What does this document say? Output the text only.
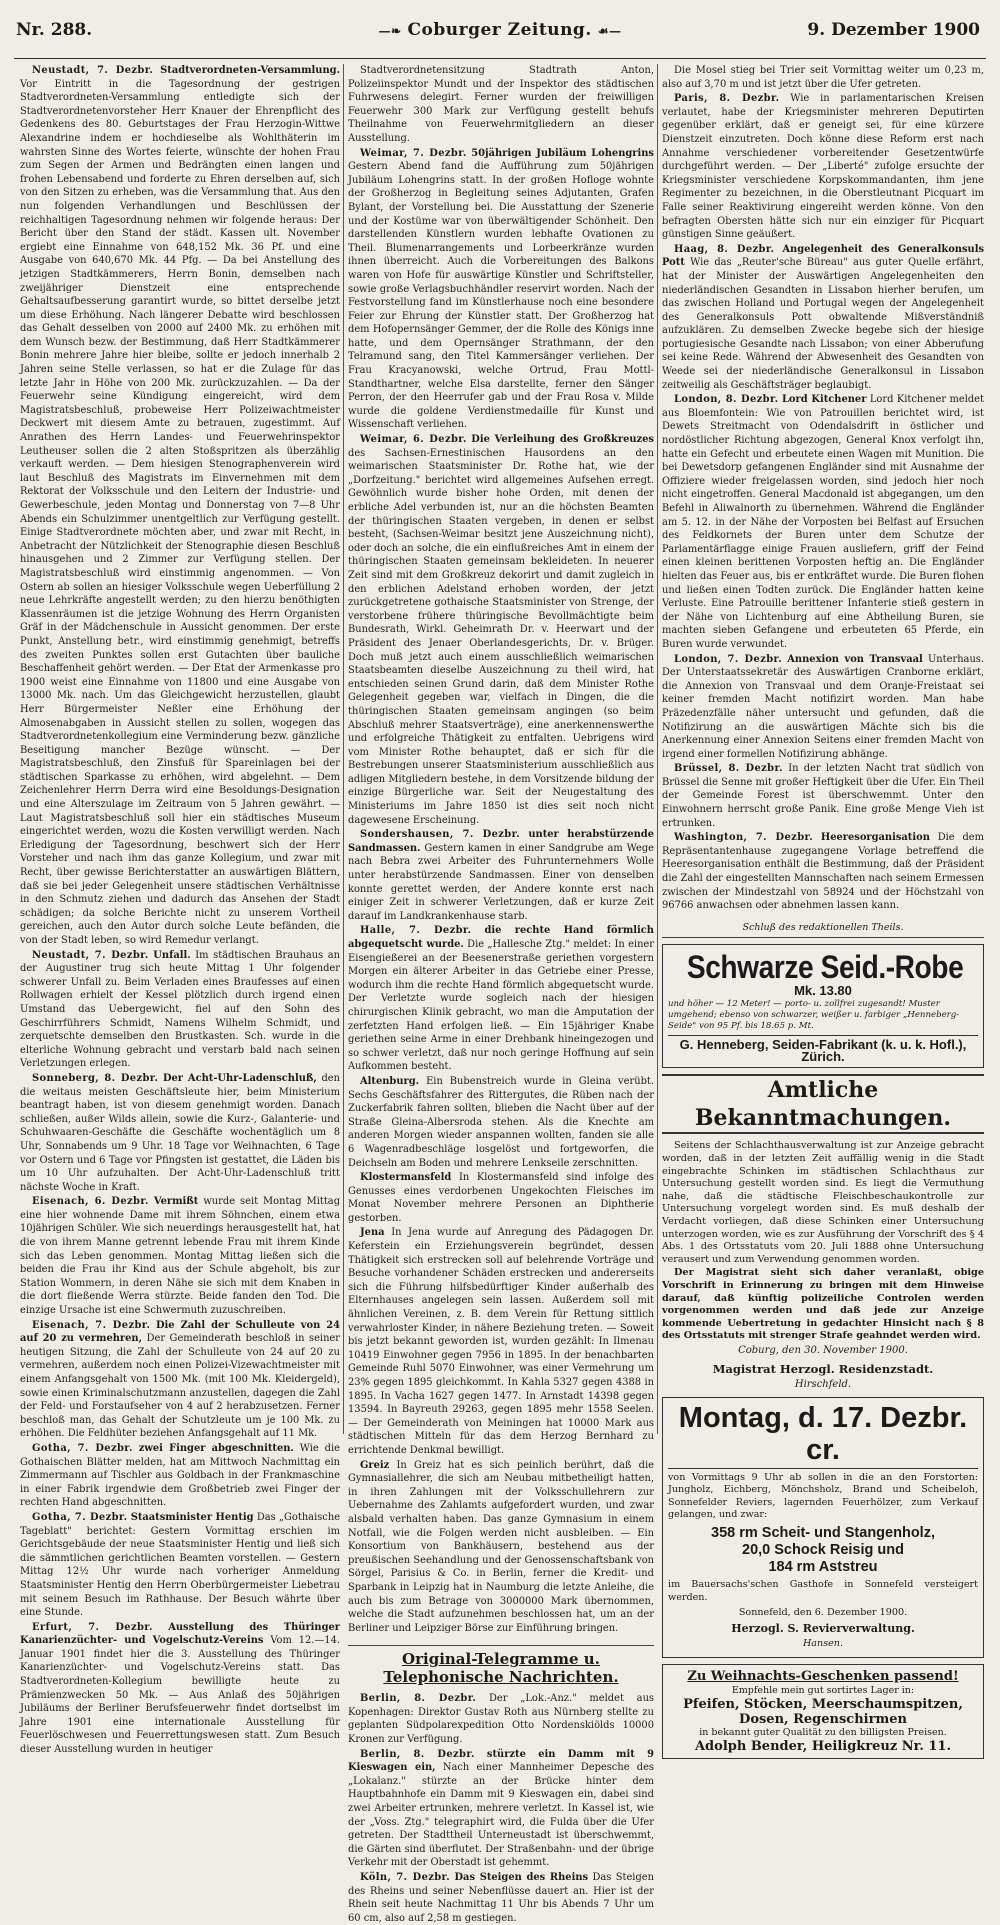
Nr. 288.	—❧ Coburger Zeitung. ☙—	9. Dezember 1900

Neustadt, 7. Dezbr. Stadtverordneten-Versammlung. Vor Eintritt in die Tagesordnung der gestrigen Stadtverordneten-Versammlung entledigte sich der Stadtverordnetenvorsteher Herr Knauer der Ehrenpflicht des Gedenkens des 80. Geburtstages der Frau Herzogin-Wittwe Alexandrine indem er hochdieselbe als Wohlthäterin im wahrsten Sinne des Wortes feierte, wünschte der hohen Frau zum Segen der Armen und Bedrängten einen langen und frohen Lebensabend und forderte zu Ehren derselben auf, sich von den Sitzen zu erheben, was die Versammlung that. Aus den nun folgenden Verhandlungen und Beschlüssen der reichhaltigen Tagesordnung nehmen wir folgende heraus: Der Bericht über den Stand der städt. Kassen ult. November ergiebt eine Einnahme von 648,152 Mk. 36 Pf. und eine Ausgabe von 640,670 Mk. 44 Pfg. — Da bei Anstellung des jetzigen Stadtkämmerers, Herrn Bonin, demselben nach zweijähriger Dienstzeit eine entsprechende Gehaltsaufbesserung garantirt wurde, so bittet derselbe jetzt um diese Erhöhung. Nach längerer Debatte wird beschlossen das Gehalt desselben von 2000 auf 2400 Mk. zu erhöhen mit dem Wunsch bezw. der Bestimmung, daß Herr Stadtkämmerer Bonin mehrere Jahre hier bleibe, sollte er jedoch innerhalb 2 Jahren seine Stelle verlassen, so hat er die Zulage für das letzte Jahr in Höhe von 200 Mk. zurückzuzahlen. — Da der Feuerwehr seine Kündigung eingereicht, wird dem Magistratsbeschluß, probeweise Herr Polizeiwachtmeister Deckwert mit diesem Amte zu betrauen, zugestimmt. Auf Anrathen des Herrn Landes- und Feuerwehrinspektor Leutheuser sollen die 2 alten Stoßspritzen als überzählig verkauft werden. — Dem hiesigen Stenographenverein wird laut Beschluß des Magistrats im Einvernehmen mit dem Rektorat der Volksschule und den Leitern der Industrie- und Gewerbeschule, jeden Montag und Donnerstag von 7—8 Uhr Abends ein Schulzimmer unentgeltlich zur Verfügung gestellt. Einige Stadtverordnete möchten aber, und zwar mit Recht, in Anbetracht der Nützlichkeit der Stenographie diesen Beschluß hinausgehen und 2 Zimmer zur Verfügung stellen. Der Magistratsbeschluß wird einstimmig angenommen. — Von Ostern ab sollen an hiesiger Volksschule wegen Ueberfüllung 2 neue Lehrkräfte angestellt werden; zu den hierzu benöthigten Klassenräumen ist die jetzige Wohnung des Herrn Organisten Gräf in der Mädchenschule in Aussicht genommen. Der erste Punkt, Anstellung betr., wird einstimmig genehmigt, betreffs des zweiten Punktes sollen erst Gutachten über bauliche Beschaffenheit gehört werden. — Der Etat der Armenkasse pro 1900 weist eine Einnahme von 11800 und eine Ausgabe von 13000 Mk. nach. Um das Gleichgewicht herzustellen, glaubt Herr Bürgermeister Neßler eine Erhöhung der Almosenabgaben in Aussicht stellen zu sollen, wogegen das Stadtverordnetenkollegium eine Verminderung bezw. gänzliche Beseitigung mancher Bezüge wünscht. — Der Magistratsbeschluß, den Zinsfuß für Spareinlagen bei der städtischen Sparkasse zu erhöhen, wird abgelehnt. — Dem Zeichenlehrer Herrn Derra wird eine Besoldungs-Designation und eine Alterszulage im Zeitraum von 5 Jahren gewährt. — Laut Magistratsbeschluß soll hier ein städtisches Museum eingerichtet werden, wozu die Kosten verwilligt werden. Nach Erledigung der Tagesordnung, beschwert sich der Herr Vorsteher und nach ihm das ganze Kollegium, und zwar mit Recht, über gewisse Berichterstatter an auswärtigen Blättern, daß sie bei jeder Gelegenheit unsere städtischen Verhältnisse in den Schmutz ziehen und dadurch das Ansehen der Stadt schädigen; da solche Berichte nicht zu unserem Vortheil gereichen, auch den Autor durch solche Leute befänden, die von der Stadt leben, so wird Remedur verlangt.

Neustadt, 7. Dezbr. Unfall. Im städtischen Brauhaus an der Augustiner trug sich heute Mittag 1 Uhr folgender schwerer Unfall zu. Beim Verladen eines Braufesses auf einen Rollwagen erhielt der Kessel plötzlich durch irgend einen Umstand das Uebergewicht, fiel auf den Sohn des Geschirrführers Schmidt, Namens Wilhelm Schmidt, und zerquetschte demselben den Brustkasten. Sch. wurde in die elterliche Wohnung gebracht und verstarb bald nach seinen Verletzungen erlegen.

Sonneberg, 8. Dezbr. Der Acht-Uhr-Ladenschluß, den die weitaus meisten Geschäftsleute hier, beim Ministerium beantragt haben, ist von diesem genehmigt worden. Danach schließen, außer Wilds allein, sowie die Kurz-, Galanterie- und Schuhwaaren-Geschäfte die Geschäfte wochentäglich um 8 Uhr, Sonnabends um 9 Uhr. 18 Tage vor Weihnachten, 6 Tage vor Ostern und 6 Tage vor Pfingsten ist gestattet, die Läden bis um 10 Uhr aufzuhalten. Der Acht-Uhr-Ladenschluß tritt nächste Woche in Kraft.

Eisenach, 6. Dezbr. Vermißt wurde seit Montag Mittag eine hier wohnende Dame mit ihrem Söhnchen, einem etwa 10jährigen Schüler. Wie sich neuerdings herausgestellt hat, hat die von ihrem Manne getrennt lebende Frau mit ihrem Kinde sich das Leben genommen. Montag Mittag ließen sich die beiden die Frau ihr Kind aus der Schule abgeholt, bis zur Station Wommern, in deren Nähe sie sich mit dem Knaben in die dort fließende Werra stürzte. Beide fanden den Tod. Die einzige Ursache ist eine Schwermuth zuzuschreiben.

Eisenach, 7. Dezbr. Die Zahl der Schulleute von 24 auf 20 zu vermehren, Der Gemeinderath beschloß in seiner heutigen Sitzung, die Zahl der Schulleute von 24 auf 20 zu vermehren, außerdem noch einen Polizei-Vizewachtmeister mit einem Anfangsgehalt von 1500 Mk. (mit 100 Mk. Kleidergeld), sowie einen Kriminalschutzmann anzustellen, dagegen die Zahl der Feld- und Forstaufseher von 4 auf 2 herabzusetzen. Ferner beschloß man, das Gehalt der Schutzleute um je 100 Mk. zu erhöhen. Die Feldhüter beziehen Anfangsgehalt auf 11 Mk.

Gotha, 7. Dezbr. zwei Finger abgeschnitten. Wie die Gothaischen Blätter melden, hat am Mittwoch Nachmittag ein Zimmermann auf Tischler aus Goldbach in der Frankmaschine in einer Fabrik irgendwie dem Großbetrieb zwei Finger der rechten Hand abgeschnitten.

Gotha, 7. Dezbr. Staatsminister Hentig Das „Gothaische Tageblatt" berichtet: Gestern Vormittag erschien im Gerichtsgebäude der neue Staatsminister Hentig und ließ sich die sämmtlichen gerichtlichen Beamten vorstellen. — Gestern Mittag 12½ Uhr wurde nach vorheriger Anmeldung Staatsminister Hentig den Herrn Oberbürgermeister Liebetrau mit seinem Besuch im Rathhause. Der Besuch währte über eine Stunde.

Erfurt, 7. Dezbr. Ausstellung des Thüringer Kanarienzüchter- und Vogelschutz-Vereins Vom 12.—14. Januar 1901 findet hier die 3. Ausstellung des Thüringer Kanarienzüchter- und Vogelschutz-Vereins statt. Das Stadtverordneten-Kollegium bewilligte heute zu Prämienzwecken 50 Mk. — Aus Anlaß des 50jährigen Jubiläums der Berliner Berufsfeuerwehr findet dortselbst im Jahre 1901 eine internationale Ausstellung für Feuerlöschwesen und Feuerrettungswesen statt. Zum Besuch dieser Ausstellung wurden in heutiger

Stadtverordnetensitzung Stadtrath Anton, Polizeiinspektor Mundt und der Inspektor des städtischen Fuhrwesens delegirt. Ferner wurden der freiwilligen Feuerwehr 300 Mark zur Verfügung gestellt behufs Theilnahme von Feuerwehrmitgliedern an dieser Ausstellung.

Weimar, 7. Dezbr. 50jährigen Jubiläum Lohengrins Gestern Abend fand die Aufführung zum 50jährigen Jubiläum Lohengrins statt. In der großen Hofloge wohnte der Großherzog in Begleitung seines Adjutanten, Grafen Bylant, der Vorstellung bei. Die Ausstattung der Szenerie und der Kostüme war von überwältigender Schönheit. Den darstellenden Künstlern wurden lebhafte Ovationen zu Theil. Blumenarrangements und Lorbeerkränze wurden ihnen überreicht. Auch die Vorbereitungen des Balkons waren von Hofe für auswärtige Künstler und Schriftsteller, sowie große Verlagsbuchhändler reservirt worden. Nach der Festvorstellung fand im Künstlerhause noch eine besondere Feier zur Ehrung der Künstler statt. Der Großherzog hat dem Hofopernsänger Gemmer, der die Rolle des Königs inne hatte, und dem Opernsänger Strathmann, der den Telramund sang, den Titel Kammersänger verliehen. Der Frau Kracyanowski, welche Ortrud, Frau Mottl-Standthartner, welche Elsa darstellte, ferner den Sänger Perron, der den Heerrufer gab und der Frau Rosa v. Milde wurde die goldene Verdienstmedaille für Kunst und Wissenschaft verliehen.

Weimar, 6. Dezbr. Die Verleihung des Großkreuzes des Sachsen-Ernestinischen Hausordens an den weimarischen Staatsminister Dr. Rothe hat, wie der „Dorfzeitung." berichtet wird allgemeines Aufsehen erregt. Gewöhnlich wurde bisher hohe Orden, mit denen der erbliche Adel verbunden ist, nur an die höchsten Beamten der thüringischen Staaten vergeben, in denen er selbst besteht, (Sachsen-Weimar besitzt jene Auszeichnung nicht), oder doch an solche, die ein einflußreiches Amt in einem der thüringischen Staaten gemeinsam bekleideten. In neuerer Zeit sind mit dem Großkreuz dekorirt und damit zugleich in den erblichen Adelstand erhoben worden, der jetzt zurückgetretene gothaische Staatsminister von Strenge, der verstorbene frühere thüringische Bevollmächtigte beim Bundesrath, Wirkl. Geheimrath Dr. v. Heerwart und der Präsident des Jenaer Oberlandesgerichts, Dr. v. Brüger. Doch muß jetzt auch einem ausschließlich weimarischen Staatsbeamten dieselbe Auszeichnung zu theil wird, hat entschieden seinen Grund darin, daß dem Minister Rothe Gelegenheit gegeben war, vielfach in Dingen, die die thüringischen Staaten gemeinsam angingen (so beim Abschluß mehrer Staatsverträge), eine anerkennenswerthe und erfolgreiche Thätigkeit zu entfalten. Uebrigens wird vom Minister Rothe behauptet, daß er sich für die Bestrebungen unserer Staatsministerium ausschließlich aus adligen Mitgliedern bestehe, in dem Vorsitzende bildung der einzige Bürgerliche war. Seit der Neugestaltung des Ministeriums im Jahre 1850 ist dies seit noch nicht dagewesene Erscheinung.

Sondershausen, 7. Dezbr. unter herabstürzende Sandmassen. Gestern kamen in einer Sandgrube am Wege nach Bebra zwei Arbeiter des Fuhrunternehmers Wolle unter herabstürzende Sandmassen. Einer von denselben konnte gerettet werden, der Andere konnte erst nach einiger Zeit in schwerer Verletzungen, daß er kurze Zeit darauf im Landkrankenhause starb.

Halle, 7. Dezbr. die rechte Hand förmlich abgequetscht wurde. Die „Hallesche Ztg." meldet: In einer Eisengießerei an der Beesenerstraße geriethen vorgestern Morgen ein älterer Arbeiter in das Getriebe einer Presse, wodurch ihm die rechte Hand förmlich abgequetscht wurde. Der Verletzte wurde sogleich nach der hiesigen chirurgischen Klinik gebracht, wo man die Amputation der zerfetzten Hand erfolgen ließ. — Ein 15jähriger Knabe geriethen seine Arme in einer Drehbank hineingezogen und so schwer verletzt, daß nur noch geringe Hoffnung auf sein Aufkommen besteht.

Altenburg. Ein Bubenstreich wurde in Gleina verübt. Sechs Geschäftsfahrer des Rittergutes, die Rüben nach der Zuckerfabrik fahren sollten, blieben die Nacht über auf der Straße Gleina-Albersroda stehen. Als die Knechte am anderen Morgen wieder anspannen wollten, fanden sie alle 6 Wagenradbeschläge losgelöst und fortgeworfen, die Deichseln am Boden und mehrere Lenkseile zerschnitten.

Klostermansfeld In Klostermansfeld sind infolge des Genusses eines verdorbenen Ungekochten Fleisches im Monat November mehrere Personen an Diphtherie gestorben.

Jena In Jena wurde auf Anregung des Pädagogen Dr. Keferstein ein Erziehungsverein begründet, dessen Thätigkeit sich erstrecken soll auf belehrende Vorträge und Besuche vorhandener Schäden erstrecken und andererseits sich die Führung hilfsbedürftiger Kinder außerhalb des Elternhauses angelegen sein lassen. Außerdem soll mit ähnlichen Vereinen, z. B. dem Verein für Rettung sittlich verwahrloster Kinder, in nähere Beziehung treten. — Soweit bis jetzt bekannt geworden ist, wurden gezählt: In Ilmenau 10419 Einwohner gegen 7956 in 1895. In der benachbarten Gemeinde Ruhl 5070 Einwohner, was einer Vermehrung um 23% gegen 1895 gleichkommt. In Kahla 5327 gegen 4388 in 1895. In Vacha 1627 gegen 1477. In Arnstadt 14398 gegen 13594. In Bayreuth 29263, gegen 1895 mehr 1558 Seelen. — Der Gemeinderath von Meiningen hat 10000 Mark aus städtischen Mitteln für das dem Herzog Bernhard zu errichtende Denkmal bewilligt.

Greiz In Greiz hat es sich peinlich berührt, daß die Gymnasiallehrer, die sich am Neubau mitbetheiligt hatten, in ihren Zahlungen mit der Volksschullehrern zur Uebernahme des Zahlamts aufgefordert wurden, und zwar alsbald verhalten haben. Das ganze Gymnasium in einem Notfall, wie die Folgen werden nicht ausbleiben. — Ein Konsortium von Bankhäusern, bestehend aus der preußischen Seehandlung und der Genossenschaftsbank von Sörgel, Parisius & Co. in Berlin, ferner die Kredit- und Sparbank in Leipzig hat in Naumburg die letzte Anleihe, die auch bis zum Betrage von 3000000 Mark übernommen, welche die Stadt aufzunehmen beschlossen hat, um an der Berliner und Leipziger Börse zur Einführung bringen.

Original-Telegramme u. Telephonische Nachrichten.

Berlin, 8. Dezbr. Der „Lok.-Anz." meldet aus Kopenhagen: Direktor Gustav Roth aus Nürnberg stellte zu geplanten Südpolarexpedition Otto Nordenskiölds 10000 Kronen zur Verfügung.

Berlin, 8. Dezbr. stürzte ein Damm mit 9 Kieswagen ein, Nach einer Mannheimer Depesche des „Lokalanz." stürzte an der Brücke hinter dem Hauptbahnhofe ein Damm mit 9 Kieswagen ein, dabei sind zwei Arbeiter ertrunken, mehrere verletzt. In Kassel ist, wie der „Voss. Ztg." telegraphirt wird, die Fulda über die Ufer getreten. Der Stadttheil Unterneustadt ist überschwemmt, die Gärten sind überflutet. Der Straßenbahn- und der übrige Verkehr mit der Oberstadt ist gehemmt.

Köln, 7. Dezbr. Das Steigen des Rheins Das Steigen des Rheins und seiner Nebenflüsse dauert an. Hier ist der Rhein seit heute Nachmittag 11 Uhr bis Abends 7 Uhr um 60 cm, also auf 2,58 m gestiegen.

Die Mosel stieg bei Trier seit Vormittag weiter um 0,23 m, also auf 3,70 m und ist jetzt über die Ufer getreten.

Paris, 8. Dezbr. Wie in parlamentarischen Kreisen verlautet, habe der Kriegsminister mehreren Deputirten gegenüber erklärt, daß er geneigt sei, für eine kürzere Dienstzeit einzutreten. Doch könne diese Reform erst nach Annahme verschiedener vorbereitender Gesetzentwürfe durchgeführt werden. — Der „Liberté" zufolge ersuchte der Kriegsminister verschiedene Korpskommandanten, ihm jene Regimenter zu bezeichnen, in die Oberstleutnant Picquart im Falle seiner Reaktivirung eingereiht werden könne. Von den befragten Obersten hätte sich nur ein einziger für Picquart günstigen Sinne geäußert.

Haag, 8. Dezbr. Angelegenheit des Generalkonsuls Pott Wie das „Reuter'sche Büreau" aus guter Quelle erfährt, hat der Minister der Auswärtigen Angelegenheiten den niederländischen Gesandten in Lissabon hierher berufen, um das zwischen Holland und Portugal wegen der Angelegenheit des Generalkonsuls Pott obwaltende Mißverständniß aufzuklären. Zu demselben Zwecke begebe sich der hiesige portugiesische Gesandte nach Lissabon; von einer Abberufung sei keine Rede. Während der Abwesenheit des Gesandten von Weede sei der niederländische Generalkonsul in Lissabon zeitweilig als Geschäftsträger beglaubigt.

London, 8. Dezbr. Lord Kitchener Lord Kitchener meldet aus Bloemfontein: Wie von Patrouillen berichtet wird, ist Dewets Streitmacht von Odendalsdrift in östlicher und nordöstlicher Richtung abgezogen, General Knox verfolgt ihn, hatte ein Gefecht und erbeutete einen Wagen mit Munition. Die bei Dewetsdorp gefangenen Engländer sind mit Ausnahme der Offiziere wieder freigelassen worden, sind jedoch hier noch nicht eingetroffen. General Macdonald ist abgegangen, um den Befehl in Aliwalnorth zu übernehmen. Während die Engländer am 5. 12. in der Nähe der Vorposten bei Belfast auf Ersuchen des Feldkornets der Buren unter dem Schutze der Parlamentärflagge einige Frauen ausliefern, griff der Feind einen kleinen berittenen Vorposten heftig an. Die Engländer hielten das Feuer aus, bis er entkräftet wurde. Die Buren flohen und ließen einen Todten zurück. Die Engländer hatten keine Verluste. Eine Patrouille berittener Infanterie stieß gestern in der Nähe von Lichtenburg auf eine Abtheilung Buren, sie machten sieben Gefangene und erbeuteten 65 Pferde, ein Buren wurde verwundet.

London, 7. Dezbr. Annexion von Transvaal Unterhaus. Der Unterstaatssekretär des Auswärtigen Cranborne erklärt, die Annexion von Transvaal und dem Oranje-Freistaat sei keiner fremden Macht notifizirt worden. Man habe Präzedenzfälle näher untersucht und gefunden, daß die Notifizirung an die auswärtigen Mächte sich bis die Anerkennung einer Annexion Seitens einer fremden Macht von irgend einer formellen Notifizirung abhänge.

Brüssel, 8. Dezbr. In der letzten Nacht trat südlich von Brüssel die Senne mit großer Heftigkeit über die Ufer. Ein Theil der Gemeinde Forest ist überschwemmt. Unter den Einwohnern herrscht große Panik. Eine große Menge Vieh ist ertrunken.

Washington, 7. Dezbr. Heeresorganisation Die dem Repräsentantenhause zugegangene Vorlage betreffend die Heeresorganisation enthält die Bestimmung, daß der Präsident die Zahl der eingestellten Mannschaften nach seinem Ermessen zwischen der Mindestzahl von 58924 und der Höchstzahl von 96766 anwachsen oder abnehmen lassen kann.

Schluß des redaktionellen Theils.
Schwarze Seid.-Robe Mk. 13.80
und höher — 12 Meter! — porto- u. zollfrei zugesandt! Muster umgehend; ebenso von schwarzer, weißer u. farbiger „Henneberg-Seide" von 95 Pf. bis 18.65 p. Mt.
G. Henneberg, Seiden-Fabrikant (k. u. k. Hofl.), Zürich.
Amtliche Bekanntmachungen.

Seitens der Schlachthausverwaltung ist zur Anzeige gebracht worden, daß in der letzten Zeit auffällig wenig in die Stadt eingebrachte Schinken im städtischen Schlachthaus zur Untersuchung gestellt worden sind. Es liegt die Vermuthung nahe, daß die städtische Fleischbeschaukontrolle zur Untersuchung vorgelegt worden sind. Es muß deshalb der Verdacht vorliegen, daß diese Schinken einer Untersuchung unterzogen worden, wie es zur Ausführung der Vorschrift des § 4 Abs. 1 des Ortsstatuts vom 20. Juli 1888 ohne Untersuchung verausert und zum Verwendung genommen worden.

Der Magistrat sieht sich daher veranlaßt, obige Vorschrift in Erinnerung zu bringen mit dem Hinweise darauf, daß künftig polizeiliche Controlen werden vorgenommen werden und daß jede zur Anzeige kommende Uebertretung in gedachter Hinsicht nach § 8 des Ortsstatuts mit strenger Strafe geahndet werden wird.

Coburg, den 30. November 1900.
Magistrat Herzogl. Residenzstadt.
Hirschfeld.
Montag, d. 17. Dezbr. cr.
von Vormittags 9 Uhr ab sollen in die an den Forstorten: Jungholz, Eichberg, Mönchsholz, Brand und Scheibeloh, Sonnefelder Reviers, lagernden Feuerhölzer, zum Verkauf gelangen, und zwar:
358 rm Scheit- und Stangenholz,
20,0 Schock Reisig und
184 rm Aststreu
im Bauersachs'schen Gasthofe in Sonnefeld versteigert werden.
Sonnefeld, den 6. Dezember 1900.
Herzogl. S. Revierverwaltung.
Hansen.
Zu Weihnachts-Geschenken passend!
Empfehle mein gut sortirtes Lager in:
Pfeifen, Stöcken, Meerschaumspitzen, Dosen, Regenschirmen
in bekannt guter Qualität zu den billigsten Preisen.
Adolph Bender, Heiligkreuz Nr. 11.
